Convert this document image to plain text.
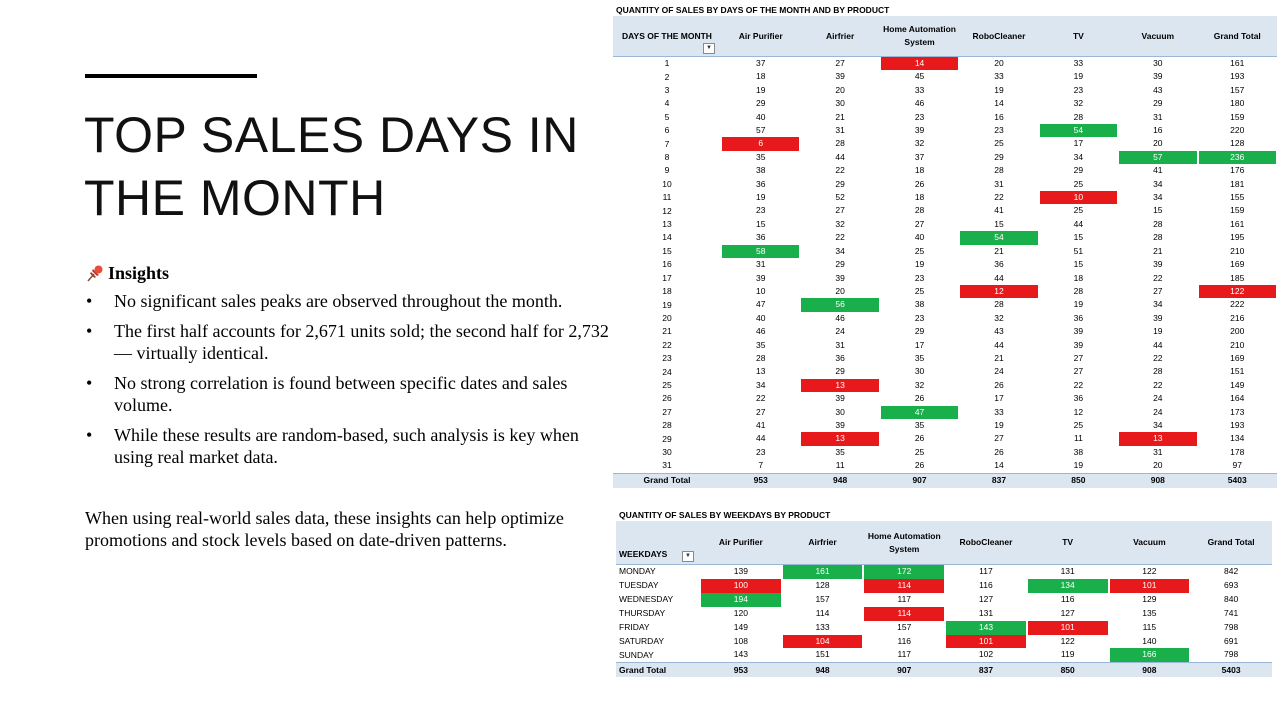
TOP SALES DAYS IN THE MONTH
Insights
• No significant sales peaks are observed throughout the month.
• The first half accounts for 2,671 units sold; the second half for 2,732 — virtually identical.
• No strong correlation is found between specific dates and sales volume.
• While these results are random-based, such analysis is key when using real market data.
When using real-world sales data, these insights can help optimize promotions and stock levels based on date-driven patterns.
QUANTITY OF SALES BY DAYS OF THE MONTH AND BY PRODUCT
DAYS OF THE MONTH
▼	Air Purifier	Airfrier	Home Automation System	RoboCleaner	TV	Vacuum	Grand Total
1	37	27	14	20	33	30	161

2	18	39	45	33	19	39	193

3	19	20	33	19	23	43	157

4	29	30	46	14	32	29	180

5	40	21	23	16	28	31	159

6	57	31	39	23	54	16	220

7	6	28	32	25	17	20	128

8	35	44	37	29	34	57	236

9	38	22	18	28	29	41	176

10	36	29	26	31	25	34	181

11	19	52	18	22	10	34	155

12	23	27	28	41	25	15	159

13	15	32	27	15	44	28	161

14	36	22	40	54	15	28	195

15	58	34	25	21	51	21	210

16	31	29	19	36	15	39	169

17	39	39	23	44	18	22	185

18	10	20	25	12	28	27	122

19	47	56	38	28	19	34	222

20	40	46	23	32	36	39	216

21	46	24	29	43	39	19	200

22	35	31	17	44	39	44	210

23	28	36	35	21	27	22	169

24	13	29	30	24	27	28	151

25	34	13	32	26	22	22	149

26	22	39	26	17	36	24	164

27	27	30	47	33	12	24	173

28	41	39	35	19	25	34	193

29	44	13	26	27	11	13	134

30	23	35	25	26	38	31	178

31	7	11	26	14	19	20	97

Grand Total	953	948	907	837	850	908	5403
QUANTITY OF SALES BY WEEKDAYS BY PRODUCT
WEEKDAYS ▼	Air Purifier	Airfrier	Home Automation System	RoboCleaner	TV	Vacuum	Grand Total
MONDAY	139	161	172	117	131	122	842

TUESDAY	100	128	114	116	134	101	693

WEDNESDAY	194	157	117	127	116	129	840

THURSDAY	120	114	114	131	127	135	741

FRIDAY	149	133	157	143	101	115	798

SATURDAY	108	104	116	101	122	140	691

SUNDAY	143	151	117	102	119	166	798

Grand Total	953	948	907	837	850	908	5403
